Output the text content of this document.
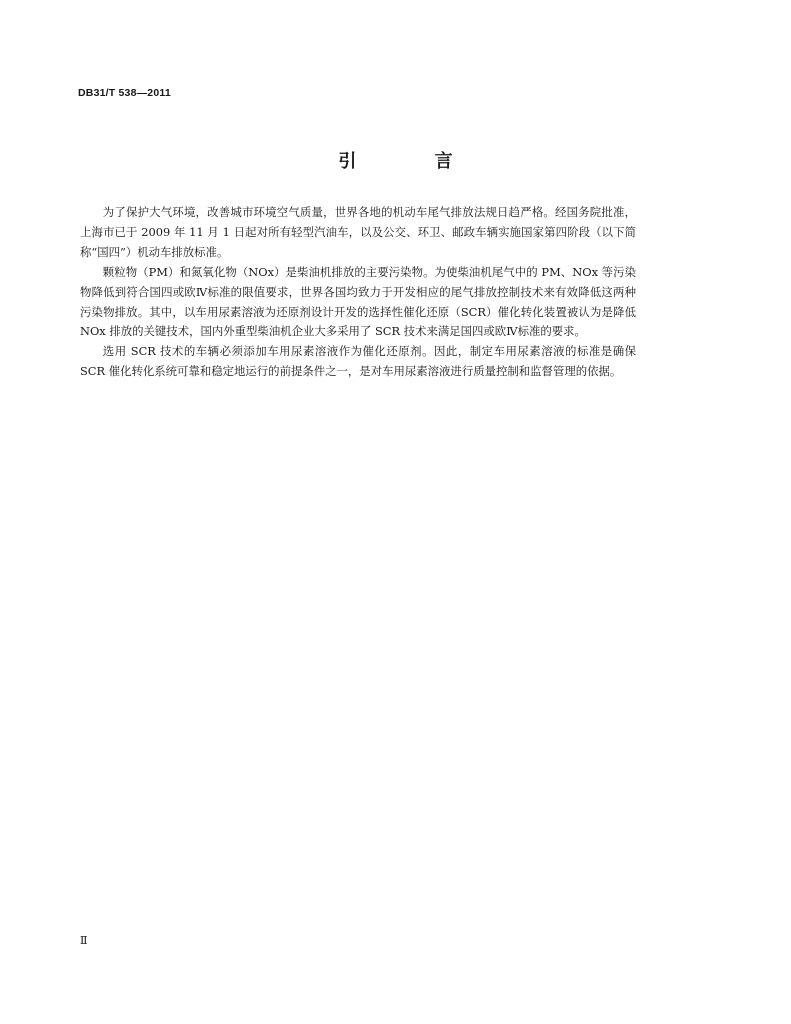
DB31/T 538—2011
引 言

为了保护大气环境，改善城市环境空气质量，世界各地的机动车尾气排放法规日趋严格。经国务院批准，上海市已于 2009 年 11 月 1 日起对所有轻型汽油车，以及公交、环卫、邮政车辆实施国家第四阶段（以下简称“国四”）机动车排放标准。

颗粒物（PM）和氮氧化物（NOx）是柴油机排放的主要污染物。为使柴油机尾气中的 PM、NOx 等污染物降低到符合国四或欧Ⅳ标准的限值要求，世界各国均致力于开发相应的尾气排放控制技术来有效降低这两种污染物排放。其中，以车用尿素溶液为还原剂设计开发的选择性催化还原（SCR）催化转化装置被认为是降低 NOx 排放的关键技术，国内外重型柴油机企业大多采用了 SCR 技术来满足国四或欧Ⅳ标准的要求。

选用 SCR 技术的车辆必须添加车用尿素溶液作为催化还原剂。因此，制定车用尿素溶液的标准是确保 SCR 催化转化系统可靠和稳定地运行的前提条件之一，是对车用尿素溶液进行质量控制和监督管理的依据。

Ⅱ
